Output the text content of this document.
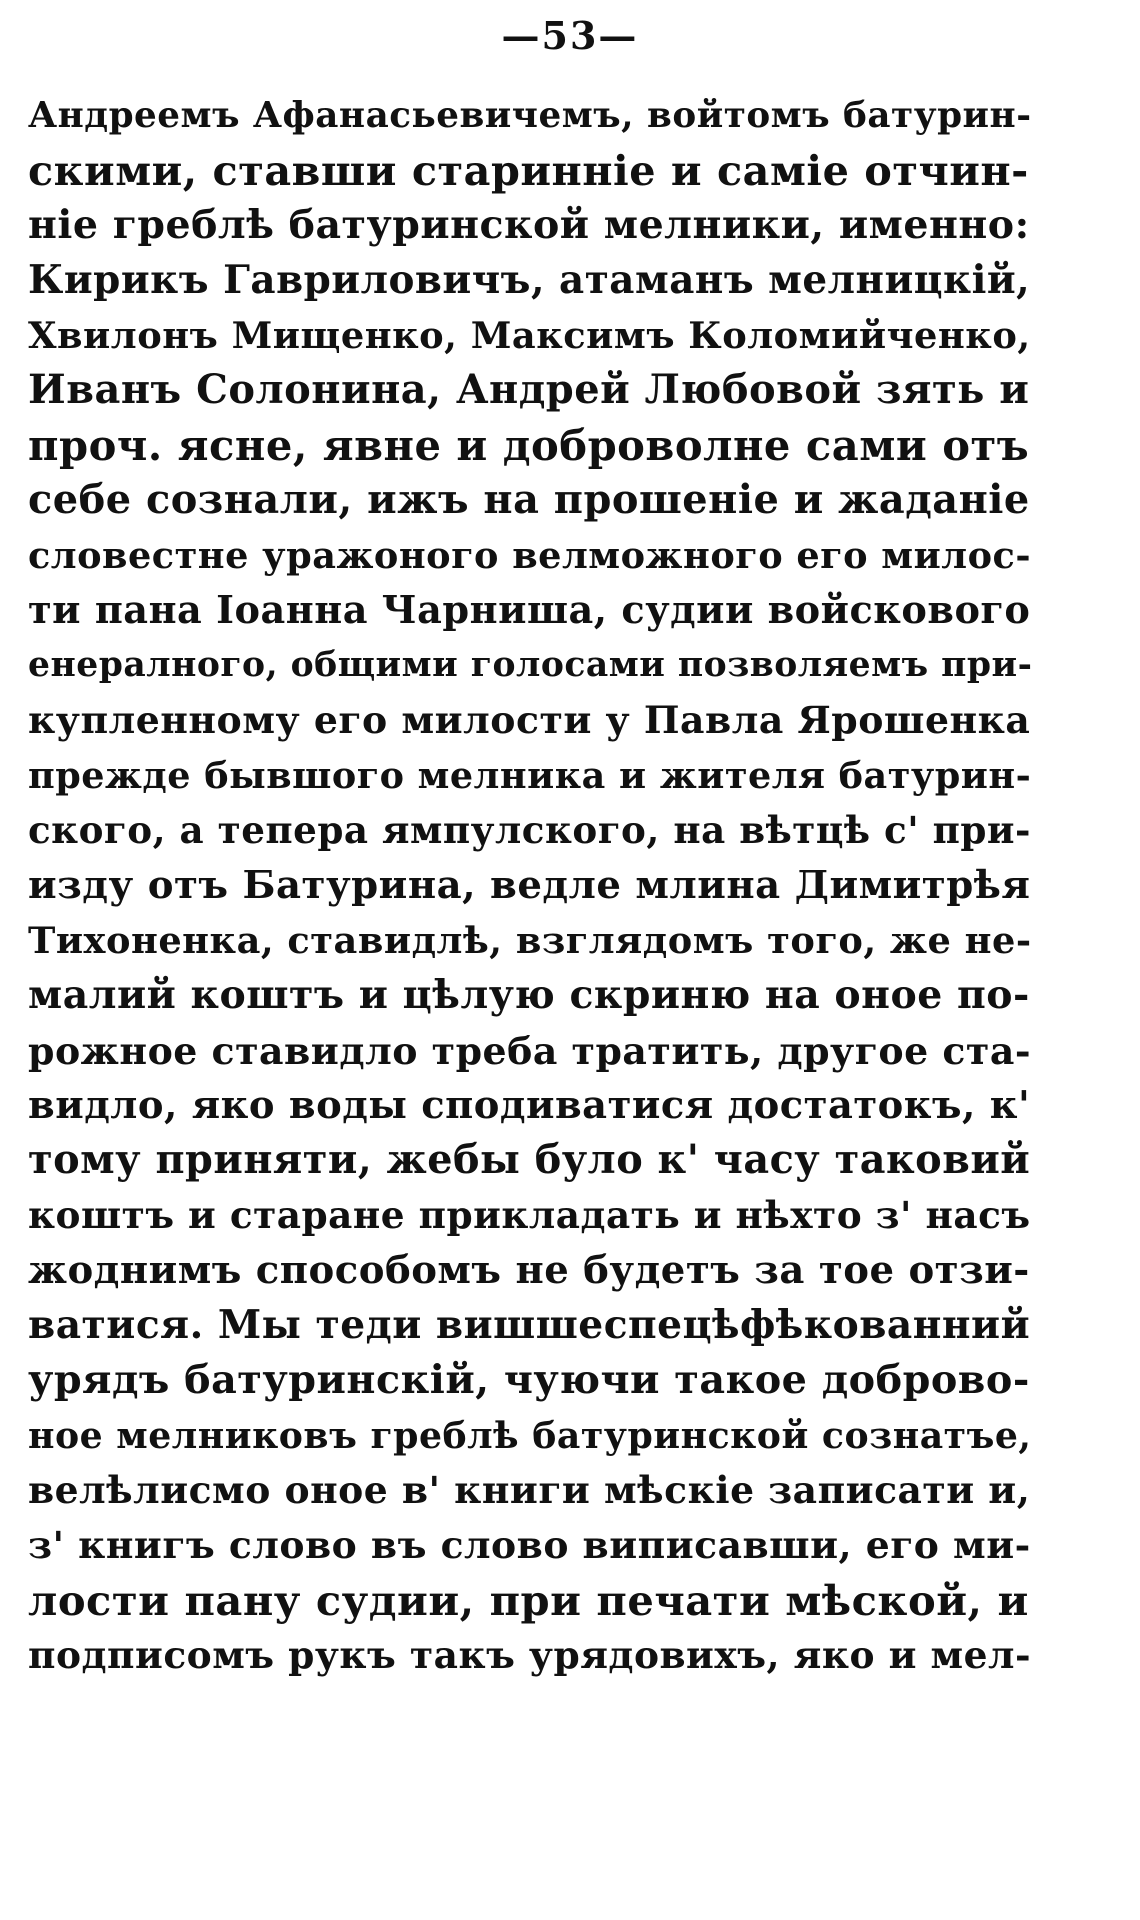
—53—
Андреемъ Афанасьевичемъ, войтомъ батурин-
скими, ставши старинніе и саміе отчин-
ніе греблѣ батуринской мелники, именно:
Кирикъ Гавриловичъ, атаманъ мелницкій,
Хвилонъ Мищенко, Максимъ Коломийченко,
Иванъ Солонина, Андрей Любовой зять и
проч. ясне, явне и доброволне сами отъ
себе сознали, ижъ на прошеніе и жаданіе
словестне уражоного велможного его милос-
ти пана Іоанна Чарниша, судии войскового
енералного, общими голосами позволяемъ при-
купленному его милости у Павла Ярошенка
прежде бывшого мелника и жителя батурин-
ского, а тепера ямпулского, на вѣтцѣ с' при-
изду отъ Батурина, ведле млина Димитрѣя
Тихоненка, ставидлѣ, взглядомъ того, же не-
малий коштъ и цѣлую скриню на оное по-
рожное ставидло треба тратить, другое ста-
видло, яко воды сподиватися достатокъ, к'
тому приняти, жебы було к' часу таковий
коштъ и старане прикладать и нѣхто з' насъ
жоднимъ способомъ не будетъ за тое отзи-
ватися. Мы теди вишшеспецѣфѣкованний
урядъ батуринскій, чуючи такое доброво-
ное мелниковъ греблѣ батуринской сознатъе,
велѣлисмо оное в' книги мѣскіе записати и,
з' книгъ слово въ слово виписавши, его ми-
лости пану судии, при печати мѣской, и
подписомъ рукъ такъ урядовихъ, яко и мел-
